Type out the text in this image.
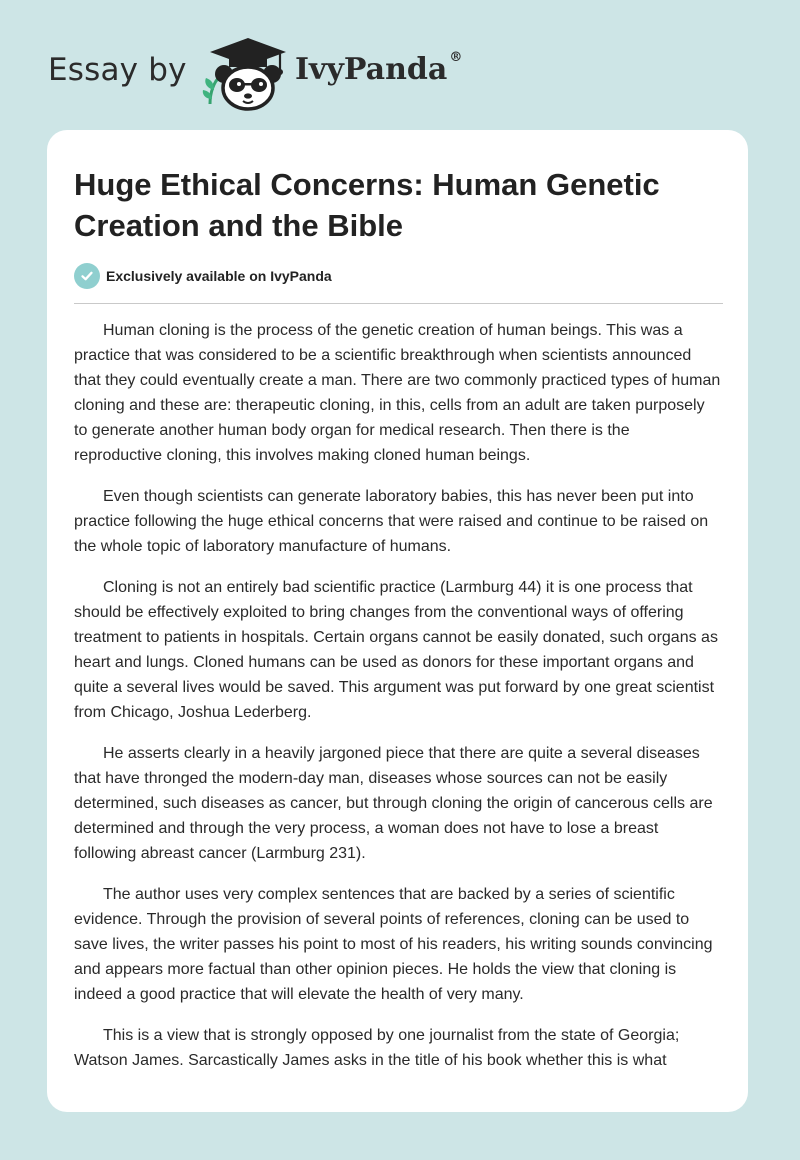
Essay by	IvyPanda ®
Huge Ethical Concerns: Human Genetic Creation and the Bible
Exclusively available on IvyPanda

Human cloning is the process of the genetic creation of human beings. This was a practice that was considered to be a scientific breakthrough when scientists announced that they could eventually create a man. There are two commonly practiced types of human cloning and these are: therapeutic cloning, in this, cells from an adult are taken purposely to generate another human body organ for medical research. Then there is the reproductive cloning, this involves making cloned human beings.

Even though scientists can generate laboratory babies, this has never been put into practice following the huge ethical concerns that were raised and continue to be raised on the whole topic of laboratory manufacture of humans.

Cloning is not an entirely bad scientific practice (Larmburg 44) it is one process that should be effectively exploited to bring changes from the conventional ways of offering treatment to patients in hospitals. Certain organs cannot be easily donated, such organs as heart and lungs. Cloned humans can be used as donors for these important organs and quite a several lives would be saved. This argument was put forward by one great scientist from Chicago, Joshua Lederberg.

He asserts clearly in a heavily jargoned piece that there are quite a several diseases that have thronged the modern-day man, diseases whose sources can not be easily determined, such diseases as cancer, but through cloning the origin of cancerous cells are determined and through the very process, a woman does not have to lose a breast following abreast cancer (Larmburg 231).

The author uses very complex sentences that are backed by a series of scientific evidence. Through the provision of several points of references, cloning can be used to save lives, the writer passes his point to most of his readers, his writing sounds convincing and appears more factual than other opinion pieces. He holds the view that cloning is indeed a good practice that will elevate the health of very many.

This is a view that is strongly opposed by one journalist from the state of Georgia; Watson James. Sarcastically James asks in the title of his book whether this is what
